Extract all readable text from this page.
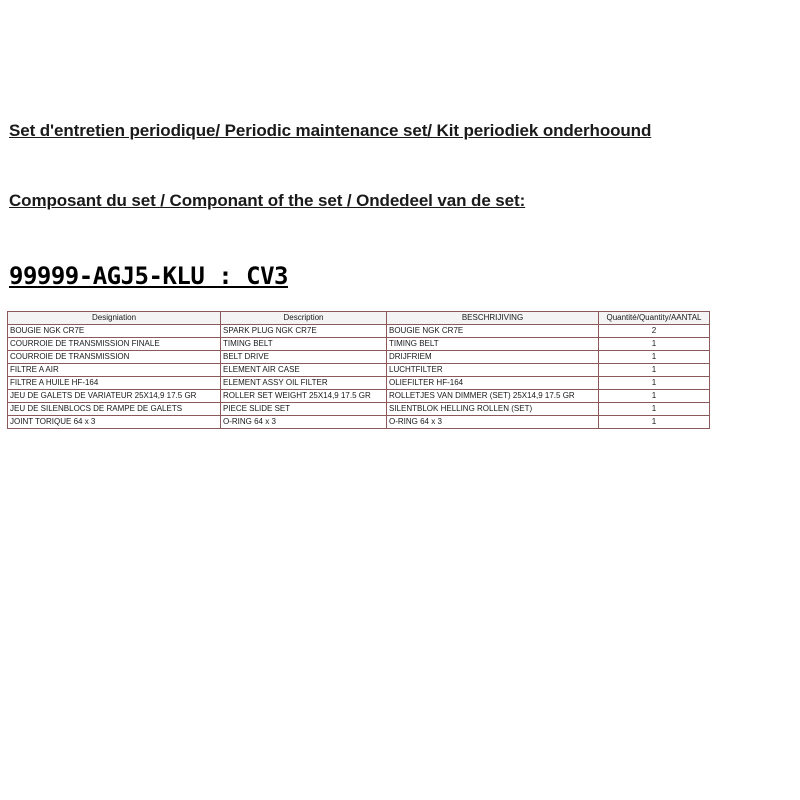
Set d'entretien periodique/ Periodic maintenance set/ Kit periodiek onderhoound
Composant du set / Componant of the set / Ondedeel van de set:
99999-AGJ5-KLU : CV3
Designiation	Description	BESCHRIJIVING	Quantité/Quantity/AANTAL
BOUGIE NGK CR7E	SPARK PLUG NGK CR7E	BOUGIE NGK CR7E	2
COURROIE DE TRANSMISSION FINALE	TIMING BELT	TIMING BELT	1
COURROIE DE TRANSMISSION	BELT DRIVE	DRIJFRIEM	1
FILTRE A AIR	ELEMENT AIR CASE	LUCHTFILTER	1
FILTRE A HUILE HF-164	ELEMENT ASSY OIL FILTER	OLIEFILTER HF-164	1
JEU DE GALETS DE VARIATEUR 25X14,9 17.5 GR	ROLLER SET WEIGHT 25X14,9 17.5 GR	ROLLETJES VAN DIMMER (SET) 25X14,9 17.5 GR	1
JEU DE SILENBLOCS DE RAMPE DE GALETS	PIECE SLIDE SET	SILENTBLOK HELLING ROLLEN (SET)	1
JOINT TORIQUE 64 x 3	O-RING 64 x 3	O-RING 64 x 3	1
